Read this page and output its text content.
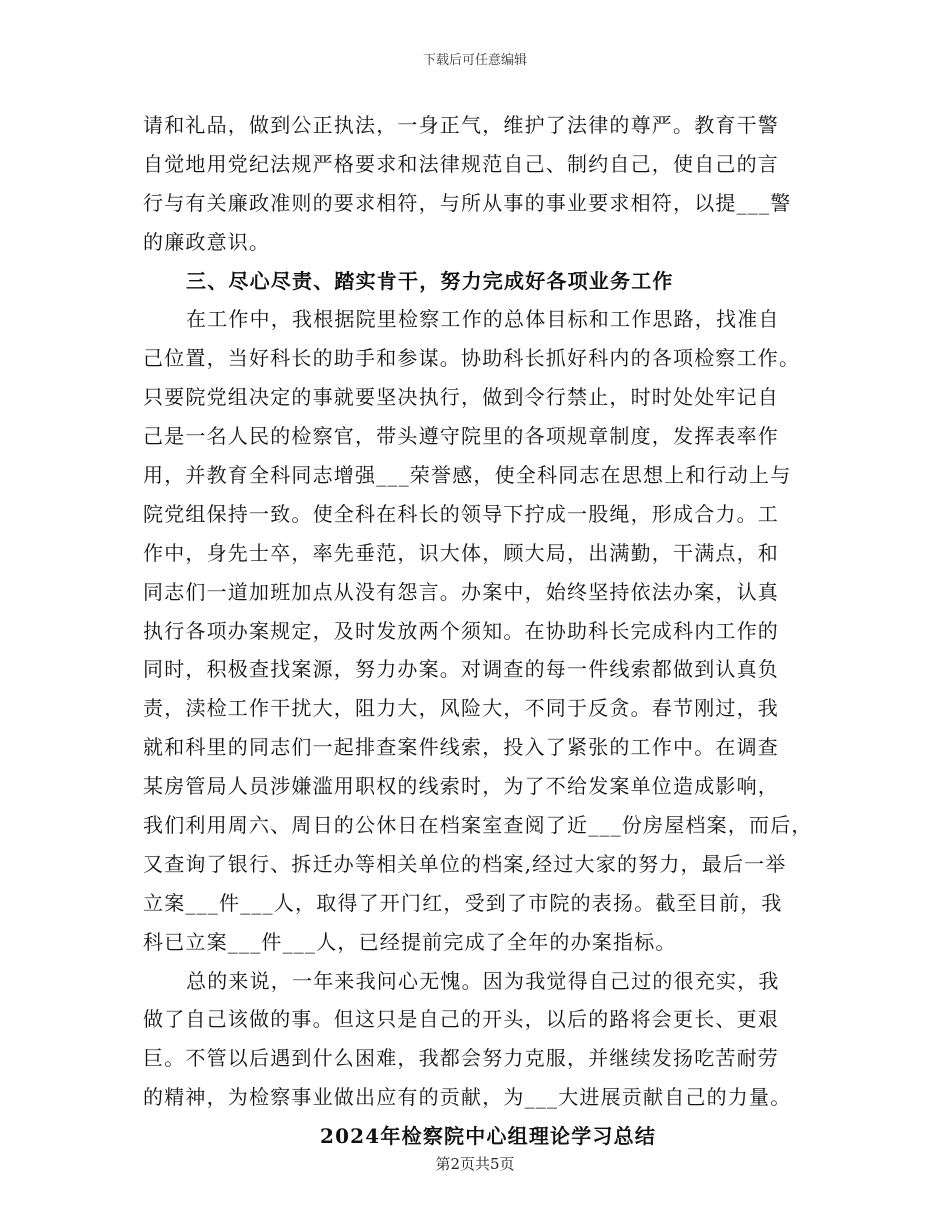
下载后可任意编辑
请和礼品，做到公正执法，一身正气，维护了法律的尊严。教育干警
自觉地用党纪法规严格要求和法律规范自己、制约自己，使自己的言
行与有关廉政准则的要求相符，与所从事的事业要求相符，以提___警
的廉政意识。
三、尽心尽责、踏实肯干，努力完成好各项业务工作
在工作中，我根据院里检察工作的总体目标和工作思路，找准自
己位置，当好科长的助手和参谋。协助科长抓好科内的各项检察工作。
只要院党组决定的事就要坚决执行，做到令行禁止，时时处处牢记自
己是一名人民的检察官，带头遵守院里的各项规章制度，发挥表率作
用，并教育全科同志增强___荣誉感，使全科同志在思想上和行动上与
院党组保持一致。使全科在科长的领导下拧成一股绳，形成合力。工
作中，身先士卒，率先垂范，识大体，顾大局，出满勤，干满点，和
同志们一道加班加点从没有怨言。办案中，始终坚持依法办案，认真
执行各项办案规定，及时发放两个须知。在协助科长完成科内工作的
同时，积极查找案源，努力办案。对调查的每一件线索都做到认真负
责，渎检工作干扰大，阻力大，风险大，不同于反贪。春节刚过，我
就和科里的同志们一起排查案件线索，投入了紧张的工作中。在调查
某房管局人员涉嫌滥用职权的线索时，为了不给发案单位造成影响，
我们利用周六、周日的公休日在档案室查阅了近___份房屋档案，而后，
又查询了银行、拆迁办等相关单位的档案,经过大家的努力，最后一举
立案___件___人，取得了开门红，受到了市院的表扬。截至目前，我
科已立案___件___人，已经提前完成了全年的办案指标。
总的来说，一年来我问心无愧。因为我觉得自己过的很充实，我
做了自己该做的事。但这只是自己的开头，以后的路将会更长、更艰
巨。不管以后遇到什么困难，我都会努力克服，并继续发扬吃苦耐劳
的精神，为检察事业做出应有的贡献，为___大进展贡献自己的力量。
2024年检察院中心组理论学习总结
第2页共5页
